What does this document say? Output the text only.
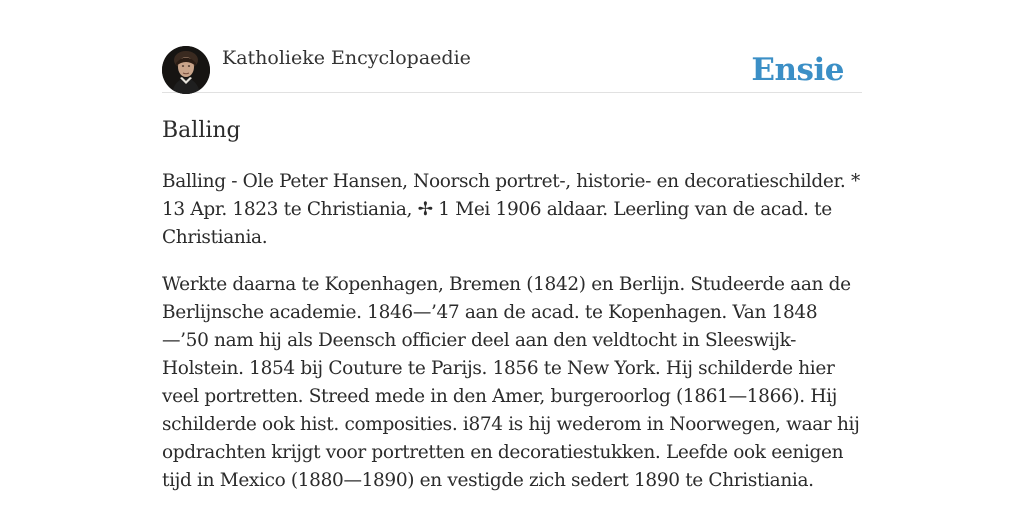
Katholieke Encyclopaedie	Ensie
Balling

Balling - Ole Peter Hansen, Noorsch portret-, historie- en decoratieschilder. * 13 Apr. 1823 te Christiania, ✢ 1 Mei 1906 aldaar. Leerling van de acad. te Christiania.

Werkte daarna te Kopenhagen, Bremen (1842) en Berlijn. Studeerde aan de Berlijnsche academie. 1846—’47 aan de acad. te Kopenhagen. Van 1848—’50 nam hij als Deensch officier deel aan den veldtocht in Sleeswijk-Holstein. 1854 bij Couture te Parijs. 1856 te New York. Hij schilderde hier veel portretten. Streed mede in den Amer, burgeroorlog (1861—1866). Hij schilderde ook hist. composities. i874 is hij wederom in Noorwegen, waar hij opdrachten krijgt voor portretten en decoratiestukken. Leefde ook eenigen tijd in Mexico (1880—1890) en vestigde zich sedert 1890 te Christiania.
